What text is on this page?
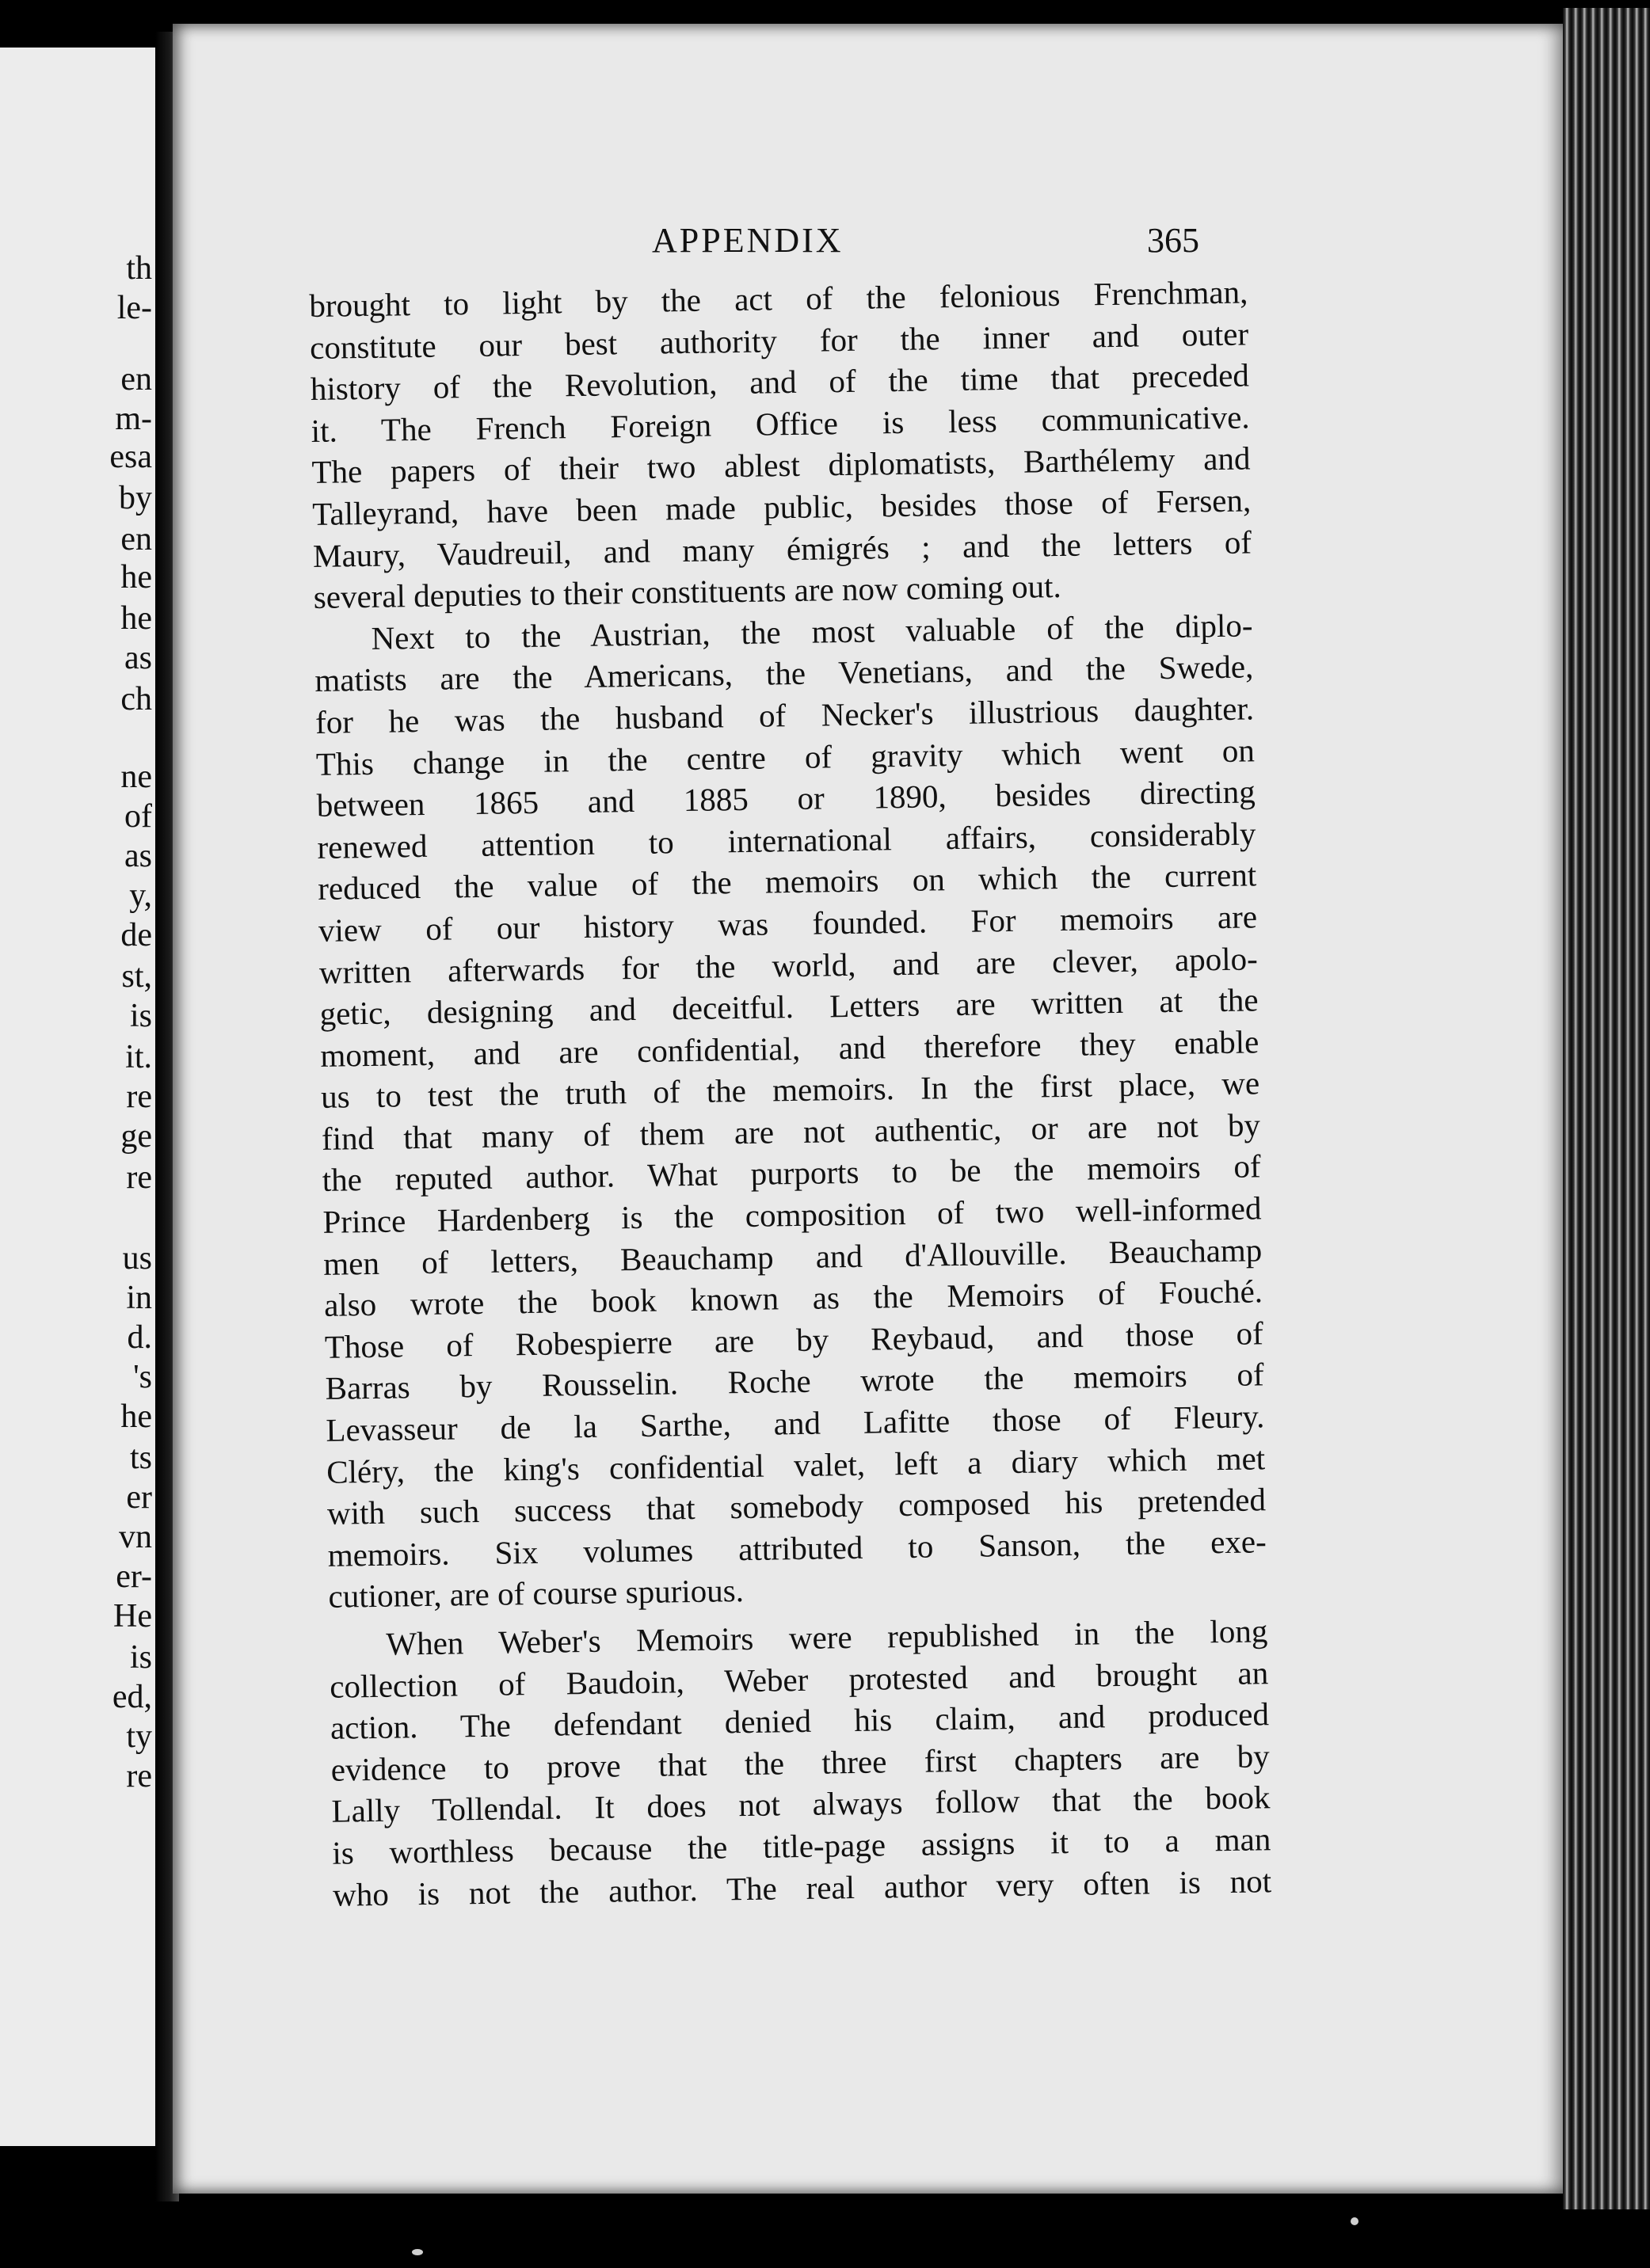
th
le-
en
m-
esa
by
en
he
he
as
ch
ne
of
as
y,
de
st,
is
it.
re
ge
re
us
in
d.
's
he
ts
er
vn
er-
He
is
ed,
ty
re
APPENDIX	365
brought to light by the act of the felonious Frenchman,
constitute our best authority for the inner and outer
history of the Revolution, and of the time that preceded
it. The French Foreign Office is less communicative.
The papers of their two ablest diplomatists, Barthélemy and
Talleyrand, have been made public, besides those of Fersen,
Maury, Vaudreuil, and many émigrés ; and the letters of
several deputies to their constituents are now coming out.
Next to the Austrian, the most valuable of the diplo-
matists are the Americans, the Venetians, and the Swede,
for he was the husband of Necker's illustrious daughter.
This change in the centre of gravity which went on
between 1865 and 1885 or 1890, besides directing
renewed attention to international affairs, considerably
reduced the value of the memoirs on which the current
view of our history was founded. For memoirs are
written afterwards for the world, and are clever, apolo-
getic, designing and deceitful. Letters are written at the
moment, and are confidential, and therefore they enable
us to test the truth of the memoirs. In the first place, we
find that many of them are not authentic, or are not by
the reputed author. What purports to be the memoirs of
Prince Hardenberg is the composition of two well-informed
men of letters, Beauchamp and d'Allouville. Beauchamp
also wrote the book known as the Memoirs of Fouché.
Those of Robespierre are by Reybaud, and those of
Barras by Rousselin. Roche wrote the memoirs of
Levasseur de la Sarthe, and Lafitte those of Fleury.
Cléry, the king's confidential valet, left a diary which met
with such success that somebody composed his pretended
memoirs. Six volumes attributed to Sanson, the exe-
cutioner, are of course spurious.
When Weber's Memoirs were republished in the long
collection of Baudoin, Weber protested and brought an
action. The defendant denied his claim, and produced
evidence to prove that the three first chapters are by
Lally Tollendal. It does not always follow that the book
is worthless because the title-page assigns it to a man
who is not the author. The real author very often is not
